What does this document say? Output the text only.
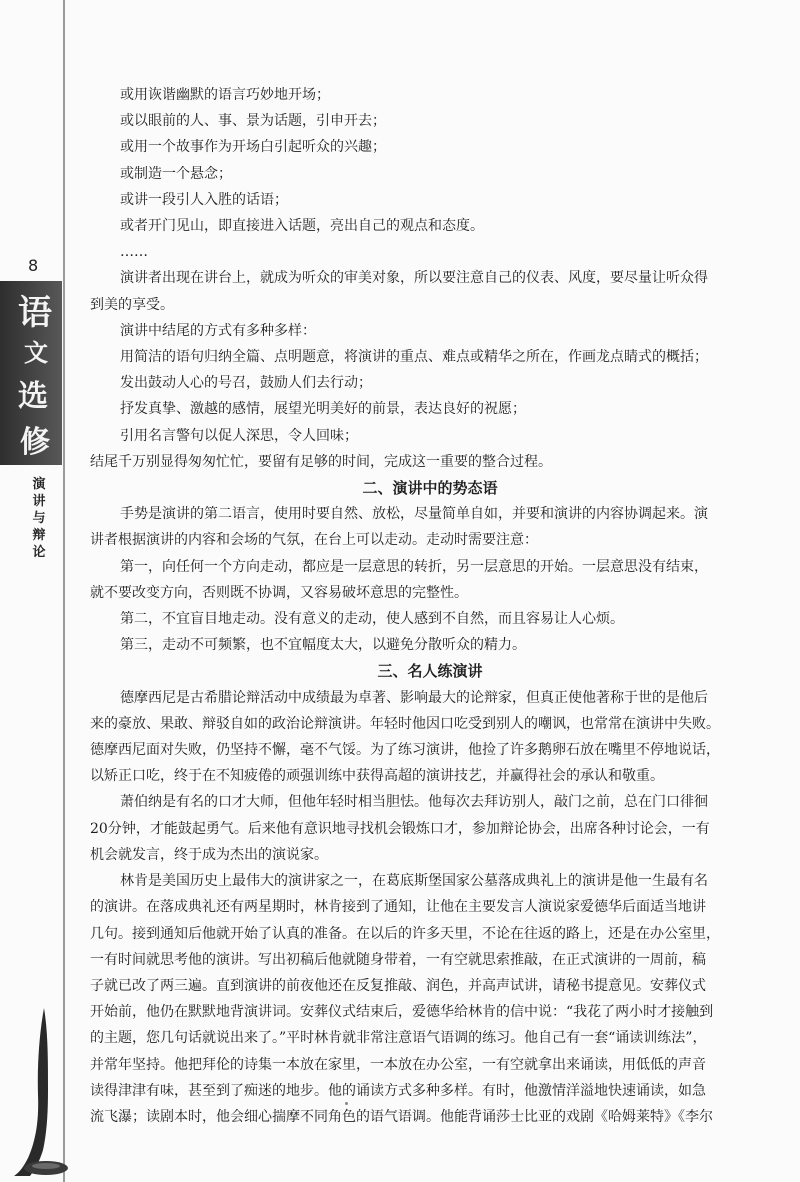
8
语
文
选
修
演
讲
与
辩
论

或用诙谐幽默的语言巧妙地开场；

或以眼前的人、事、景为话题，引申开去；

或用一个故事作为开场白引起听众的兴趣；

或制造一个悬念；

或讲一段引人入胜的话语；

或者开门见山，即直接进入话题，亮出自己的观点和态度。

……

演讲者出现在讲台上，就成为听众的审美对象，所以要注意自己的仪表、风度，要尽量让听众得

到美的享受。

演讲中结尾的方式有多种多样：

用简洁的语句归纳全篇、点明题意，将演讲的重点、难点或精华之所在，作画龙点睛式的概括；

发出鼓动人心的号召，鼓励人们去行动；

抒发真挚、激越的感情，展望光明美好的前景，表达良好的祝愿；

引用名言警句以促人深思，令人回味；

结尾千万别显得匆匆忙忙，要留有足够的时间，完成这一重要的整合过程。

二、演讲中的势态语

手势是演讲的第二语言，使用时要自然、放松，尽量简单自如，并要和演讲的内容协调起来。演

讲者根据演讲的内容和会场的气氛，在台上可以走动。走动时需要注意：

第一，向任何一个方向走动，都应是一层意思的转折，另一层意思的开始。一层意思没有结束，

就不要改变方向，否则既不协调，又容易破坏意思的完整性。

第二，不宜盲目地走动。没有意义的走动，使人感到不自然，而且容易让人心烦。

第三，走动不可频繁，也不宜幅度太大，以避免分散听众的精力。

三、名人练演讲

德摩西尼是古希腊论辩活动中成绩最为卓著、影响最大的论辩家，但真正使他著称于世的是他后

来的豪放、果敢、辩驳自如的政治论辩演讲。年轻时他因口吃受到别人的嘲讽，也常常在演讲中失败。

德摩西尼面对失败，仍坚持不懈，毫不气馁。为了练习演讲，他捡了许多鹅卵石放在嘴里不停地说话，

以矫正口吃，终于在不知疲倦的顽强训练中获得高超的演讲技艺，并赢得社会的承认和敬重。

萧伯纳是有名的口才大师，但他年轻时相当胆怯。他每次去拜访别人，敲门之前，总在门口徘徊

20分钟，才能鼓起勇气。后来他有意识地寻找机会锻炼口才，参加辩论协会，出席各种讨论会，一有

机会就发言，终于成为杰出的演说家。

林肯是美国历史上最伟大的演讲家之一，在葛底斯堡国家公墓落成典礼上的演讲是他一生最有名

的演讲。在落成典礼还有两星期时，林肯接到了通知，让他在主要发言人演说家爱德华后面适当地讲

几句。接到通知后他就开始了认真的准备。在以后的许多天里，不论在往返的路上，还是在办公室里，

一有时间就思考他的演讲。写出初稿后他就随身带着，一有空就思索推敲，在正式演讲的一周前，稿

子就已改了两三遍。直到演讲的前夜他还在反复推敲、润色，并高声试讲，请秘书提意见。安葬仪式

开始前，他仍在默默地背演讲词。安葬仪式结束后，爱德华给林肯的信中说：“我花了两小时才接触到

的主题，您几句话就说出来了。”平时林肯就非常注意语气语调的练习。他自己有一套“诵读训练法”，

并常年坚持。他把拜伦的诗集一本放在家里，一本放在办公室，一有空就拿出来诵读，用低低的声音

读得津津有味，甚至到了痴迷的地步。他的诵读方式多种多样。有时，他激情洋溢地快速诵读，如急

流飞瀑；读剧本时，他会细心揣摩不同角色的语气语调。他能背诵莎士比亚的戏剧《哈姆莱特》《李尔
